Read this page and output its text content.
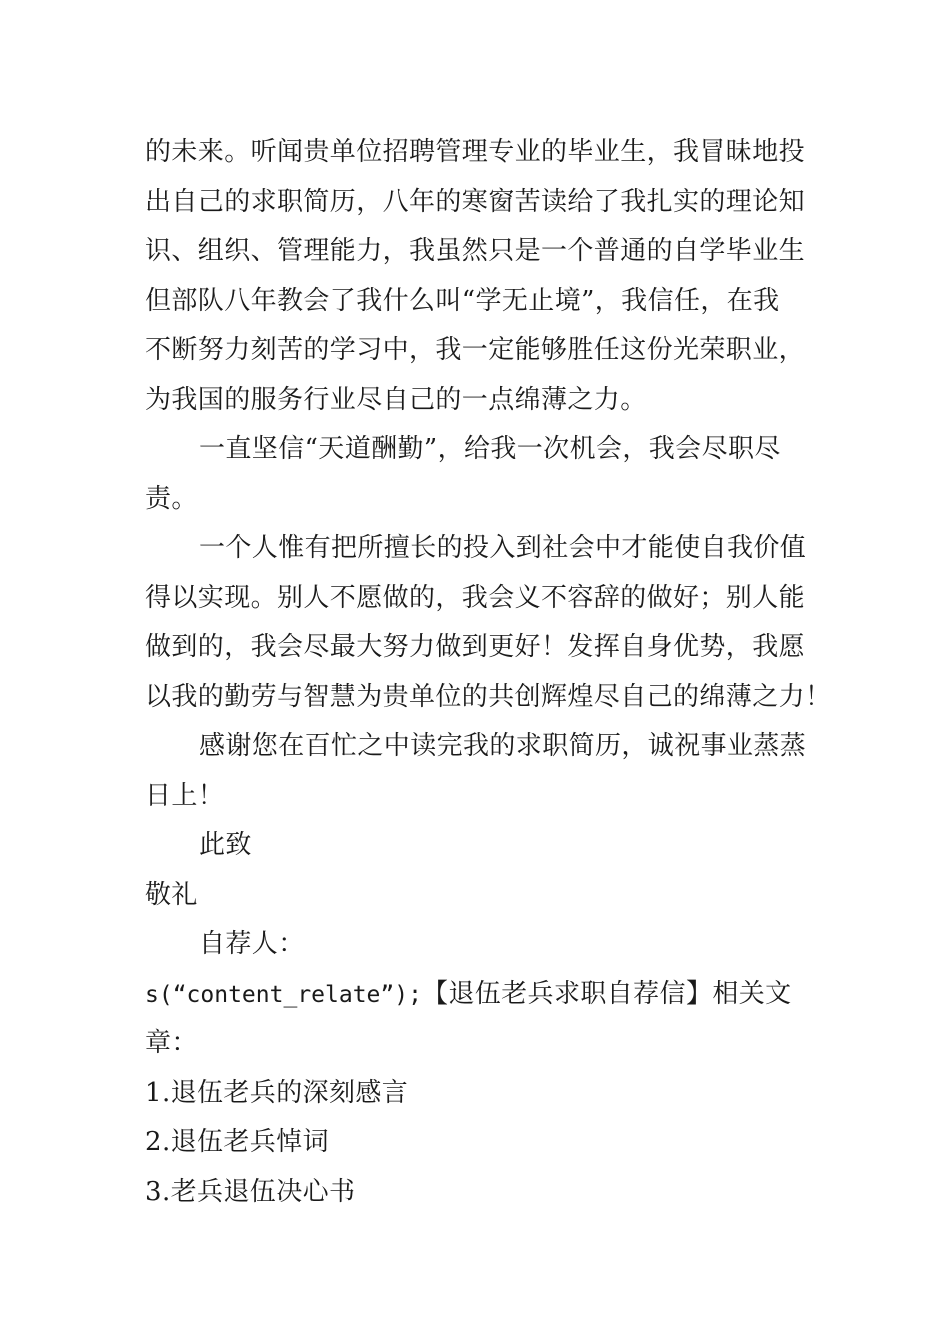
的未来。听闻贵单位招聘管理专业的毕业生，我冒昧地投
出自己的求职简历，八年的寒窗苦读给了我扎实的理论知
识、组织、管理能力，我虽然只是一个普通的自学毕业生
但部队八年教会了我什么叫“学无止境”，我信任，在我
不断努力刻苦的学习中，我一定能够胜任这份光荣职业，
为我国的服务行业尽自己的一点绵薄之力。
一直坚信“天道酬勤”，给我一次机会，我会尽职尽
责。
一个人惟有把所擅长的投入到社会中才能使自我价值
得以实现。别人不愿做的，我会义不容辞的做好；别人能
做到的，我会尽最大努力做到更好！发挥自身优势，我愿
以我的勤劳与智慧为贵单位的共创辉煌尽自己的绵薄之力！
感谢您在百忙之中读完我的求职简历，诚祝事业蒸蒸
日上！
此致
敬礼
自荐人：
s(“content_relate”);【退伍老兵求职自荐信】相关文
章：
1.退伍老兵的深刻感言
2.退伍老兵悼词
3.老兵退伍决心书
